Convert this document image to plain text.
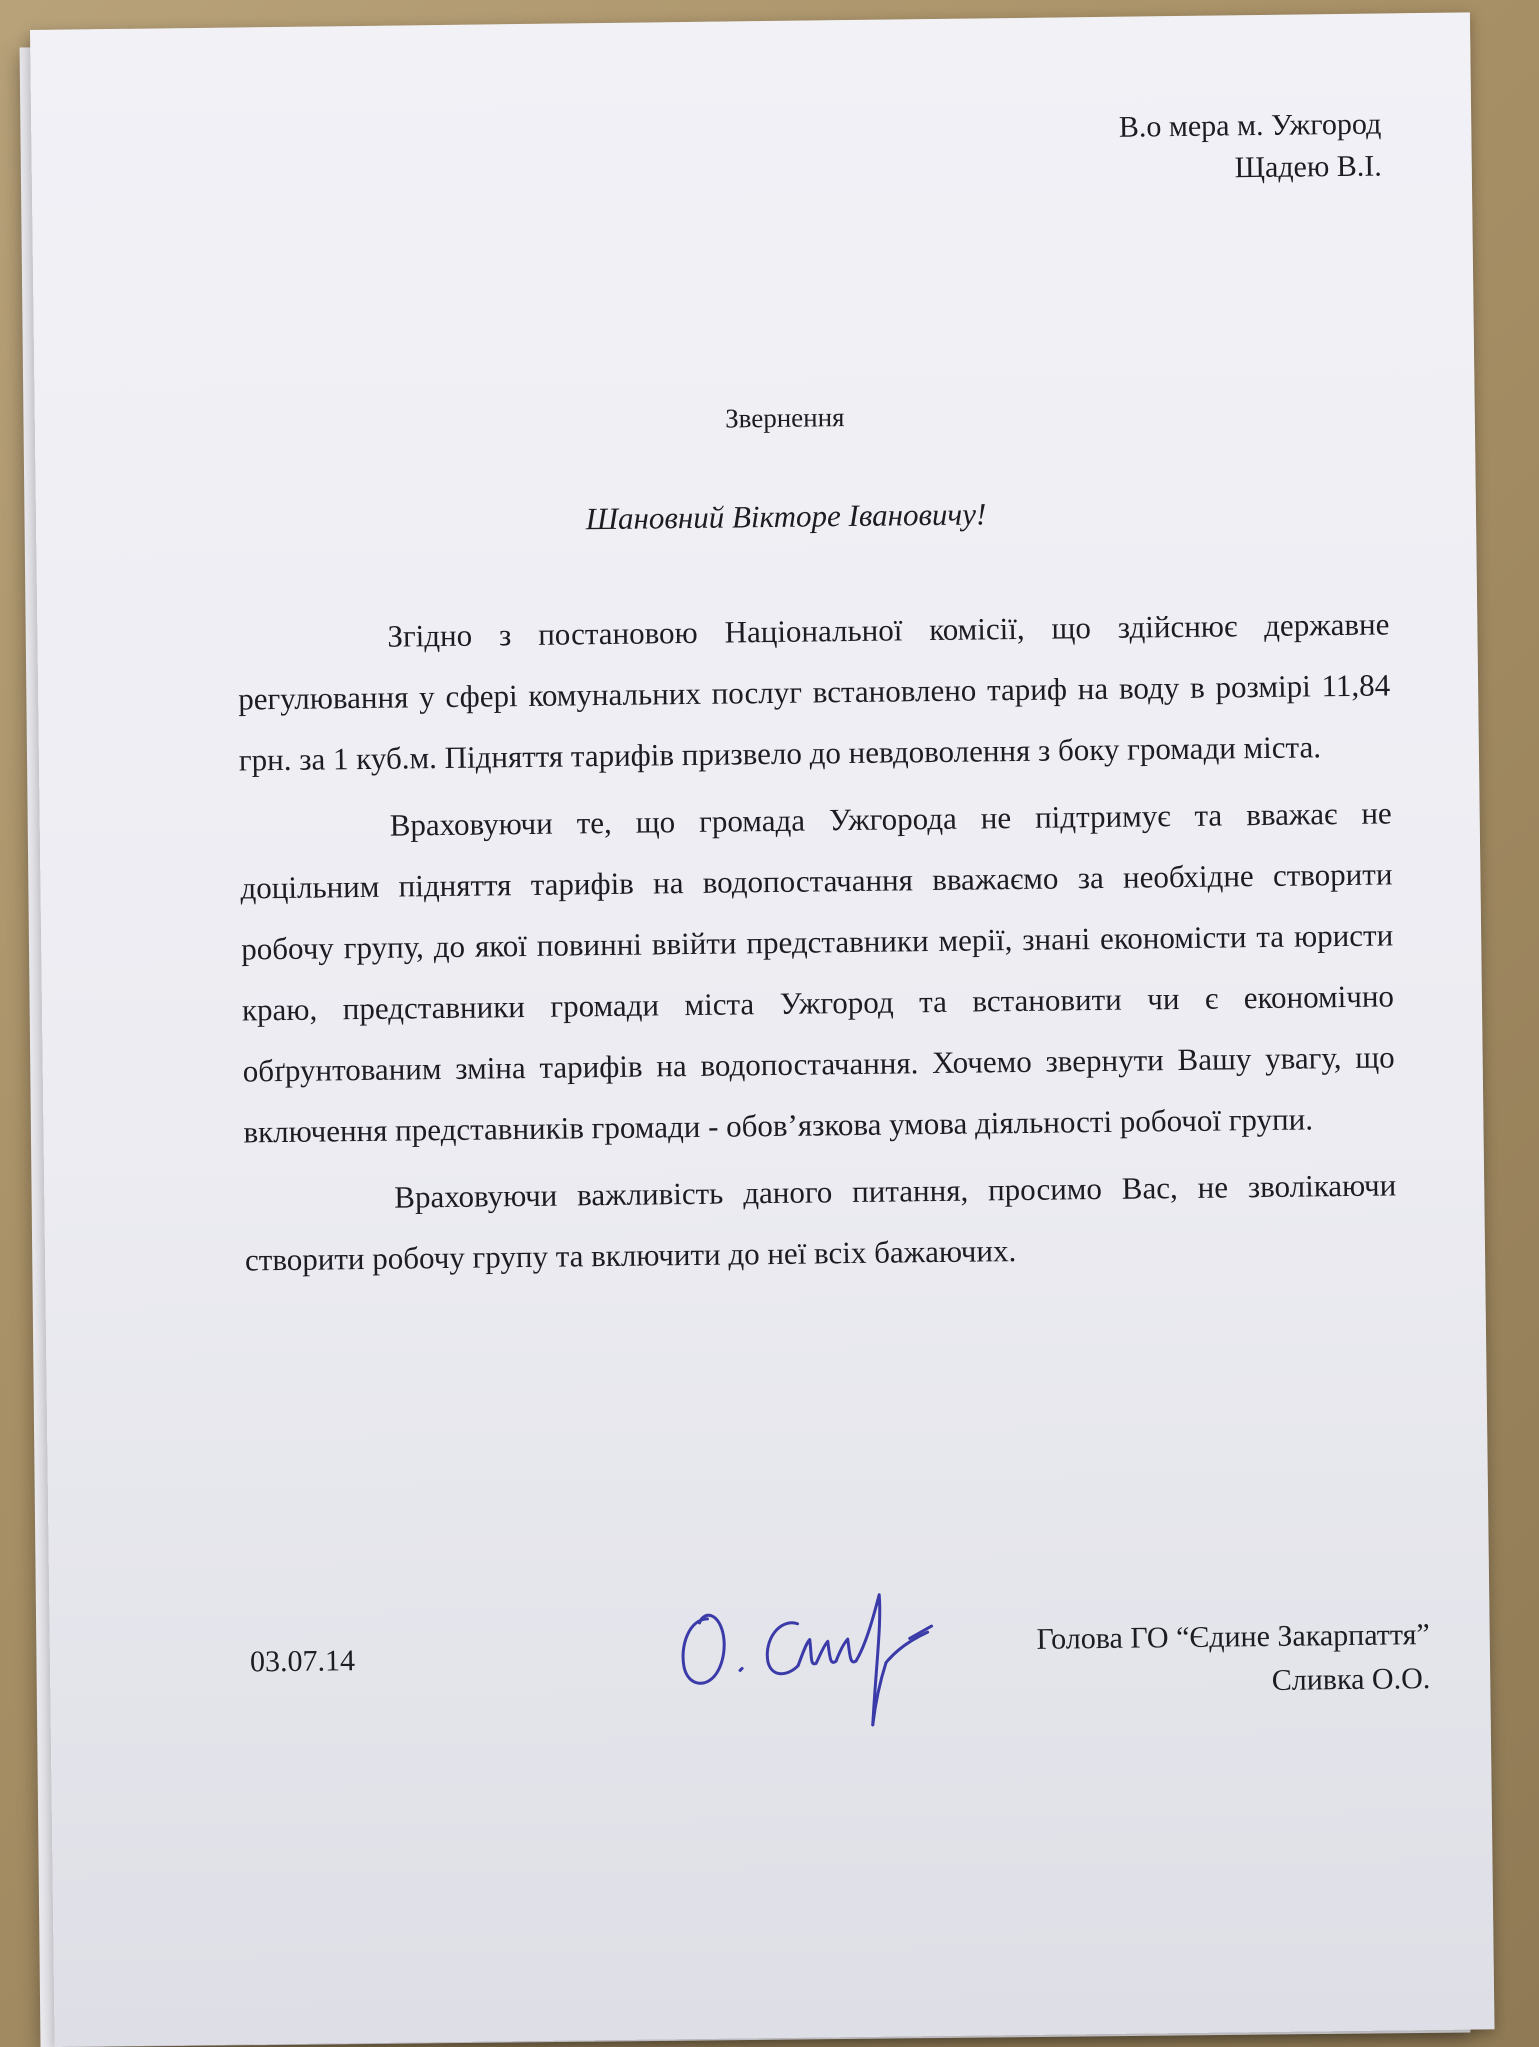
В.о мера м. Ужгород
Щадею В.І.
Звернення
Шановний Вікторе Івановичу!

Згідно з постановою Національної комісії, що здійснює державне регулювання у сфері комунальних послуг встановлено тариф на воду в розмірі 11,84 грн. за 1 куб.м. Підняття тарифів призвело до невдоволення з боку громади міста.

Враховуючи те, що громада Ужгорода не підтримує та вважає не доцільним підняття тарифів на водопостачання вважаємо за необхідне створити робочу групу, до якої повинні ввійти представники мерії, знані економісти та юристи краю, представники громади міста Ужгород та встановити чи є економічно обґрунтованим зміна тарифів на водопостачання. Хочемо звернути Вашу увагу, що включення представників громади - обов’язкова умова діяльності робочої групи.

Враховуючи важливість даного питання, просимо Вас, не зволікаючи створити робочу групу та включити до неї всіх бажаючих.

03.07.14
Голова ГО “Єдине Закарпаття”
Сливка О.О.
